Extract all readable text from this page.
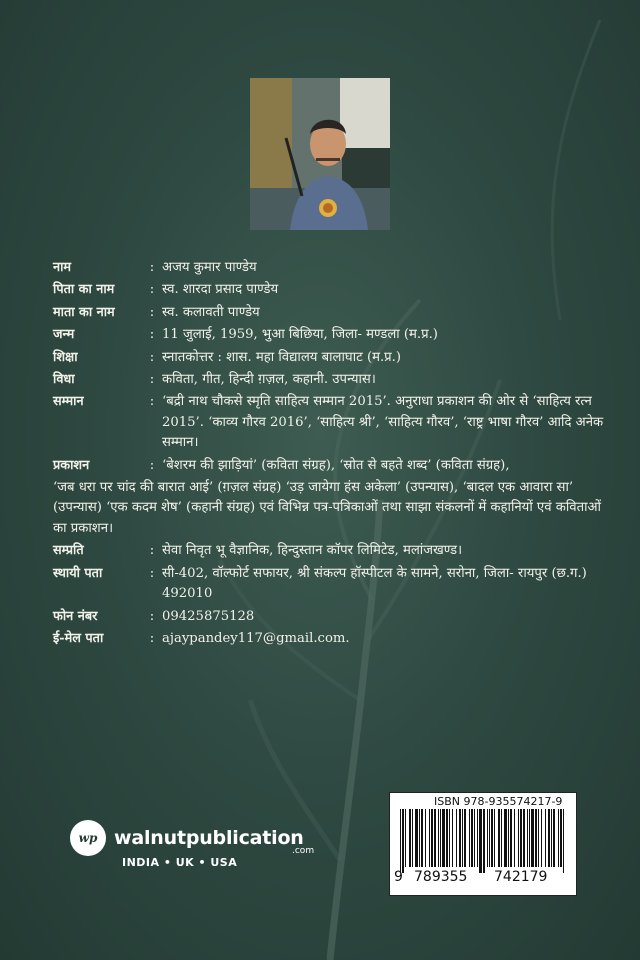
नाम	: अजय कुमार पाण्डेय
पिता का नाम	: स्व. शारदा प्रसाद पाण्डेय
माता का नाम	: स्व. कलावती पाण्डेय
जन्म	: 11 जुलाई, 1959, भुआ बिछिया, जिला- मण्डला (म.प्र.)
शिक्षा	: स्नातकोत्तर : शास. महा विद्यालय बालाघाट (म.प्र.)
विधा	: कविता, गीत, हिन्दी ग़ज़ल, कहानी. उपन्यास।
सम्मान	: ‘बद्री नाथ चौकसे स्मृति साहित्य सम्मान 2015’. अनुराधा प्रकाशन की ओर से ‘साहित्य रत्न 2015’. ‘काव्य गौरव 2016’, ‘साहित्य श्री’, ‘साहित्य गौरव’, ‘राष्ट्र भाषा गौरव’ आदि अनेक सम्मान।
प्रकाशन	: ‘बेशरम की झाड़ियां’ (कविता संग्रह), ‘स्रोत से बहते शब्द’ (कविता संग्रह),
‘जब धरा पर चांद की बारात आई’ (ग़ज़ल संग्रह) ‘उड़ जायेगा हंस अकेला’ (उपन्यास), ‘बादल एक आवारा सा’ (उपन्यास) ‘एक कदम शेष’ (कहानी संग्रह) एवं विभिन्न पत्र-पत्रिकाओं तथा साझा संकलनों में कहानियों एवं कविताओं का प्रकाशन।
सम्प्रति	: सेवा निवृत भू वैज्ञानिक, हिन्दुस्तान कॉपर लिमिटेड, मलांजखण्ड।
स्थायी पता	: सी-402, वॉल्फोर्ट सफायर, श्री संकल्प हॉस्पीटल के सामने, सरोना, जिला- रायपुर (छ.ग.) 492010
फोन नंबर	: 09425875128
ई-मेल पता	: ajaypandey117@gmail.com.
wp walnutpublication
.com
INDIA • UK • USA
ISBN 978-935574217-9
9 789355 742179
